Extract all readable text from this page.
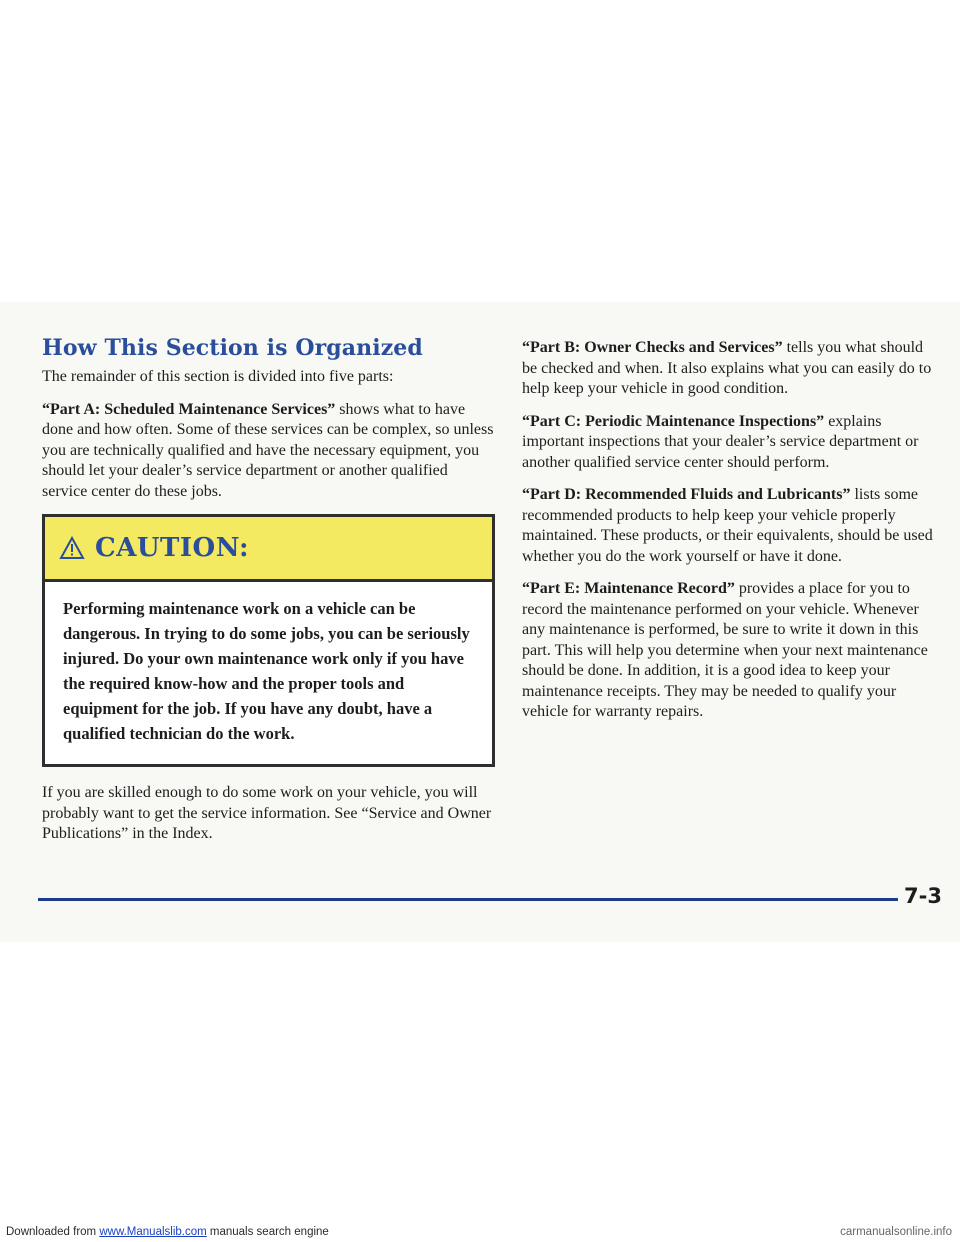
How This Section is Organized

The remainder of this section is divided into five parts:

“Part A: Scheduled Maintenance Services” shows what to have done and how often. Some of these services can be complex, so unless you are technically qualified and have the necessary equipment, you should let your dealer’s service department or another qualified service center do these jobs.

CAUTION:
Performing maintenance work on a vehicle can be dangerous. In trying to do some jobs, you can be seriously injured. Do your own maintenance work only if you have the required know-how and the proper tools and equipment for the job. If you have any doubt, have a qualified technician do the work.

If you are skilled enough to do some work on your vehicle, you will probably want to get the service information. See “Service and Owner Publications” in the Index.

“Part B: Owner Checks and Services” tells you what should be checked and when. It also explains what you can easily do to help keep your vehicle in good condition.

“Part C: Periodic Maintenance Inspections” explains important inspections that your dealer’s service department or another qualified service center should perform.

“Part D: Recommended Fluids and Lubricants” lists some recommended products to help keep your vehicle properly maintained. These products, or their equivalents, should be used whether you do the work yourself or have it done.

“Part E: Maintenance Record” provides a place for you to record the maintenance performed on your vehicle. Whenever any maintenance is performed, be sure to write it down in this part. This will help you determine when your next maintenance should be done. In addition, it is a good idea to keep your maintenance receipts. They may be needed to qualify your vehicle for warranty repairs.

7-3
Downloaded from www.Manualslib.com manuals search engine	carmanualsonline.info
